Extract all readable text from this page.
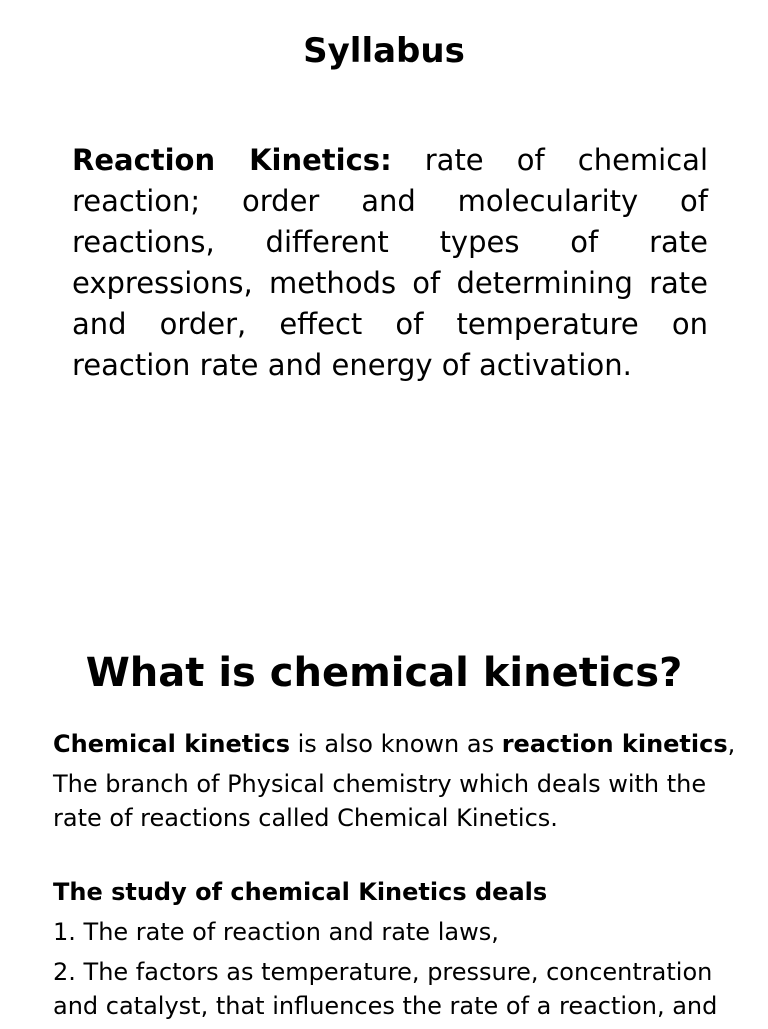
Syllabus
Reaction Kinetics: rate of chemical reaction; order and molecularity of reactions, different types of rate expressions, methods of determining rate and order, effect of temperature on reaction rate and energy of activation.
What is chemical kinetics?

Chemical kinetics is also known as reaction kinetics,

The branch of Physical chemistry which deals with the rate of reactions called Chemical Kinetics.

The study of chemical Kinetics deals

1. The rate of reaction and rate laws,

2. The factors as temperature, pressure, concentration and catalyst, that influences the rate of a reaction, and
